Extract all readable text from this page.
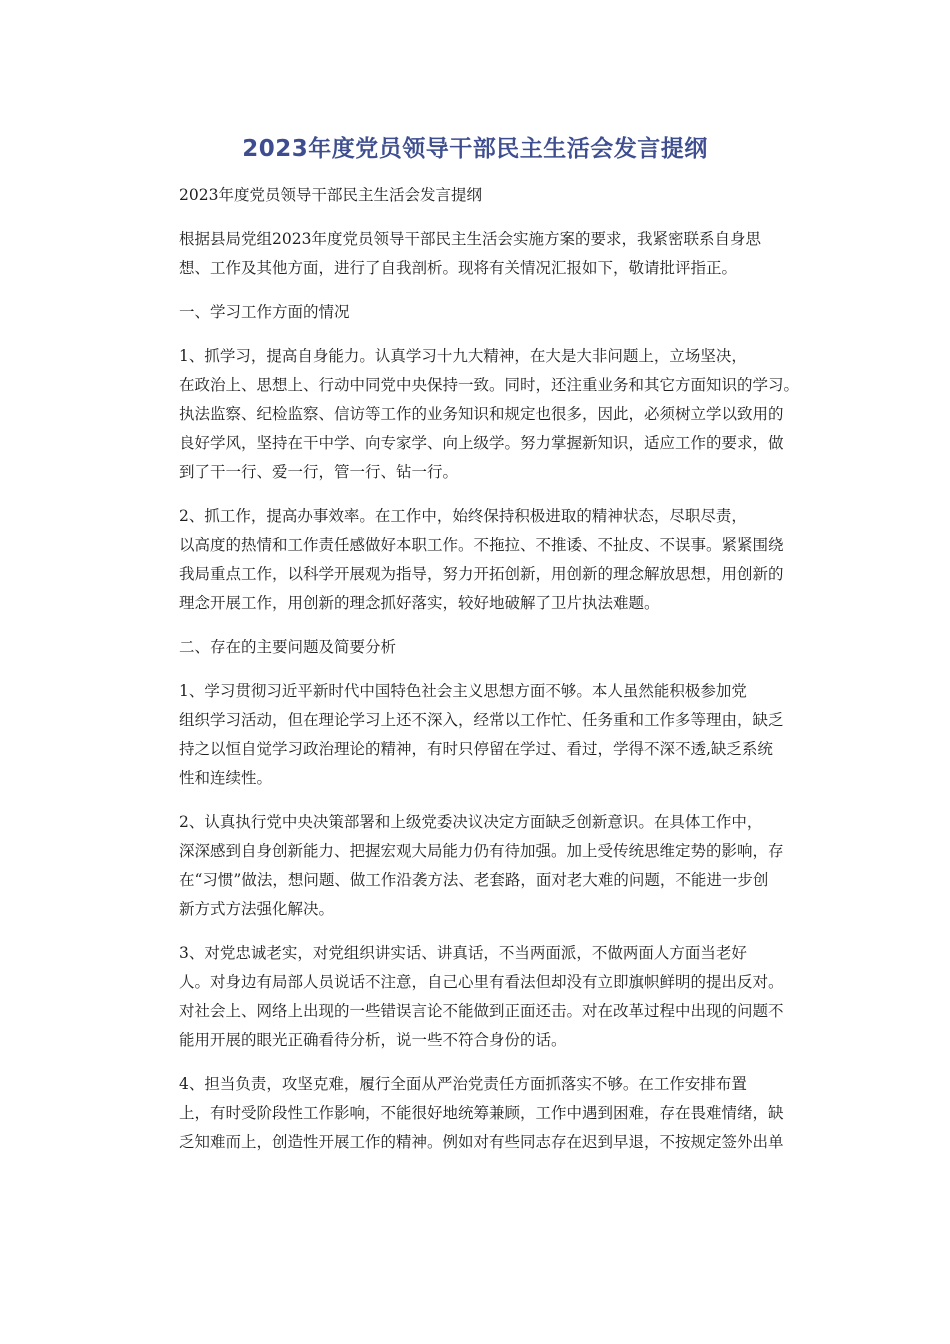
2023年度党员领导干部民主生活会发言提纲

2023年度党员领导干部民主生活会发言提纲

根据县局党组2023年度党员领导干部民主生活会实施方案的要求，我紧密联系自身思
想、工作及其他方面，进行了自我剖析。现将有关情况汇报如下，敬请批评指正。

一、学习工作方面的情况

1、抓学习，提高自身能力。认真学习十九大精神，在大是大非问题上，立场坚决，
在政治上、思想上、行动中同党中央保持一致。同时，还注重业务和其它方面知识的学习。
执法监察、纪检监察、信访等工作的业务知识和规定也很多，因此，必须树立学以致用的
良好学风，坚持在干中学、向专家学、向上级学。努力掌握新知识，适应工作的要求，做
到了干一行、爱一行，管一行、钻一行。

2、抓工作，提高办事效率。在工作中，始终保持积极进取的精神状态，尽职尽责，
以高度的热情和工作责任感做好本职工作。不拖拉、不推诿、不扯皮、不误事。紧紧围绕
我局重点工作，以科学开展观为指导，努力开拓创新，用创新的理念解放思想，用创新的
理念开展工作，用创新的理念抓好落实，较好地破解了卫片执法难题。

二、存在的主要问题及简要分析

1、学习贯彻习近平新时代中国特色社会主义思想方面不够。本人虽然能积极参加党
组织学习活动，但在理论学习上还不深入，经常以工作忙、任务重和工作多等理由，缺乏
持之以恒自觉学习政治理论的精神，有时只停留在学过、看过，学得不深不透,缺乏系统
性和连续性。

2、认真执行党中央决策部署和上级党委决议决定方面缺乏创新意识。在具体工作中，
深深感到自身创新能力、把握宏观大局能力仍有待加强。加上受传统思维定势的影响，存
在“习惯”做法，想问题、做工作沿袭方法、老套路，面对老大难的问题，不能进一步创
新方式方法强化解决。

3、对党忠诚老实，对党组织讲实话、讲真话，不当两面派，不做两面人方面当老好
人。对身边有局部人员说话不注意，自己心里有看法但却没有立即旗帜鲜明的提出反对。
对社会上、网络上出现的一些错误言论不能做到正面还击。对在改革过程中出现的问题不
能用开展的眼光正确看待分析，说一些不符合身份的话。

4、担当负责，攻坚克难，履行全面从严治党责任方面抓落实不够。在工作安排布置
上，有时受阶段性工作影响，不能很好地统筹兼顾，工作中遇到困难，存在畏难情绪，缺
乏知难而上，创造性开展工作的精神。例如对有些同志存在迟到早退，不按规定签外出单
